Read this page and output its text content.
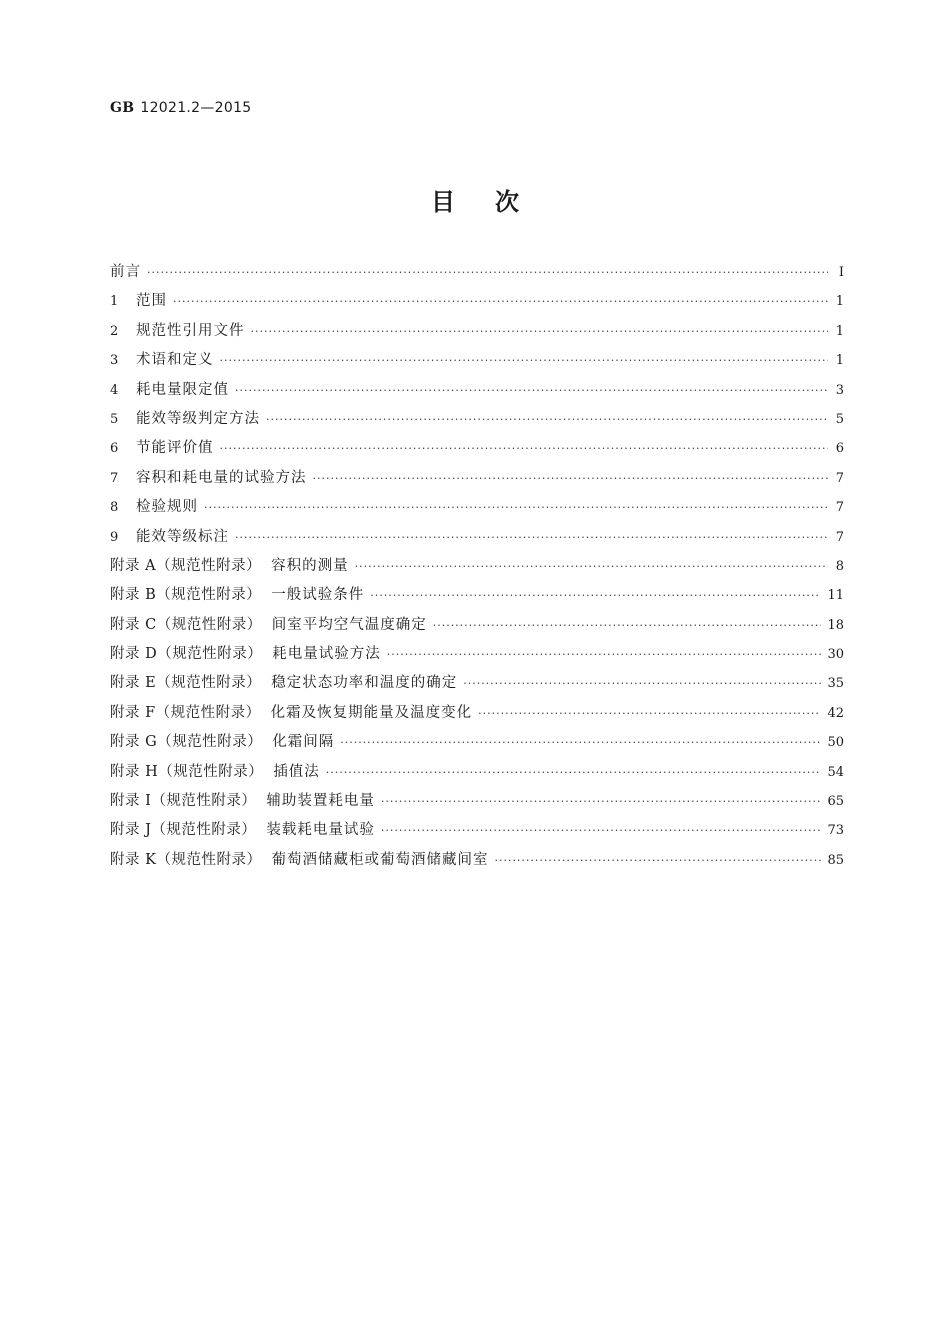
GB 12021.2—2015
目次
前言 ·····	I
1	范围 ·····	1
2	规范性引用文件 ·····	1
3	术语和定义 ·····	1
4	耗电量限定值 ·····	3
5	能效等级判定方法 ·····	5
6	节能评价值 ·····	6
7	容积和耗电量的试验方法 ·····	7
8	检验规则 ·····	7
9	能效等级标注 ·····	7
附录 A（规范性附录） 容积的测量 ·····	8
附录 B（规范性附录） 一般试验条件 ·····	11
附录 C（规范性附录） 间室平均空气温度确定 ·····	18
附录 D（规范性附录） 耗电量试验方法 ·····	30
附录 E（规范性附录） 稳定状态功率和温度的确定 ·····	35
附录 F（规范性附录） 化霜及恢复期能量及温度变化 ·····	42
附录 G（规范性附录） 化霜间隔 ·····	50
附录 H（规范性附录） 插值法 ·····	54
附录 I（规范性附录） 辅助装置耗电量 ·····	65
附录 J（规范性附录） 装载耗电量试验 ·····	73
附录 K（规范性附录） 葡萄酒储藏柜或葡萄酒储藏间室 ·····	85
